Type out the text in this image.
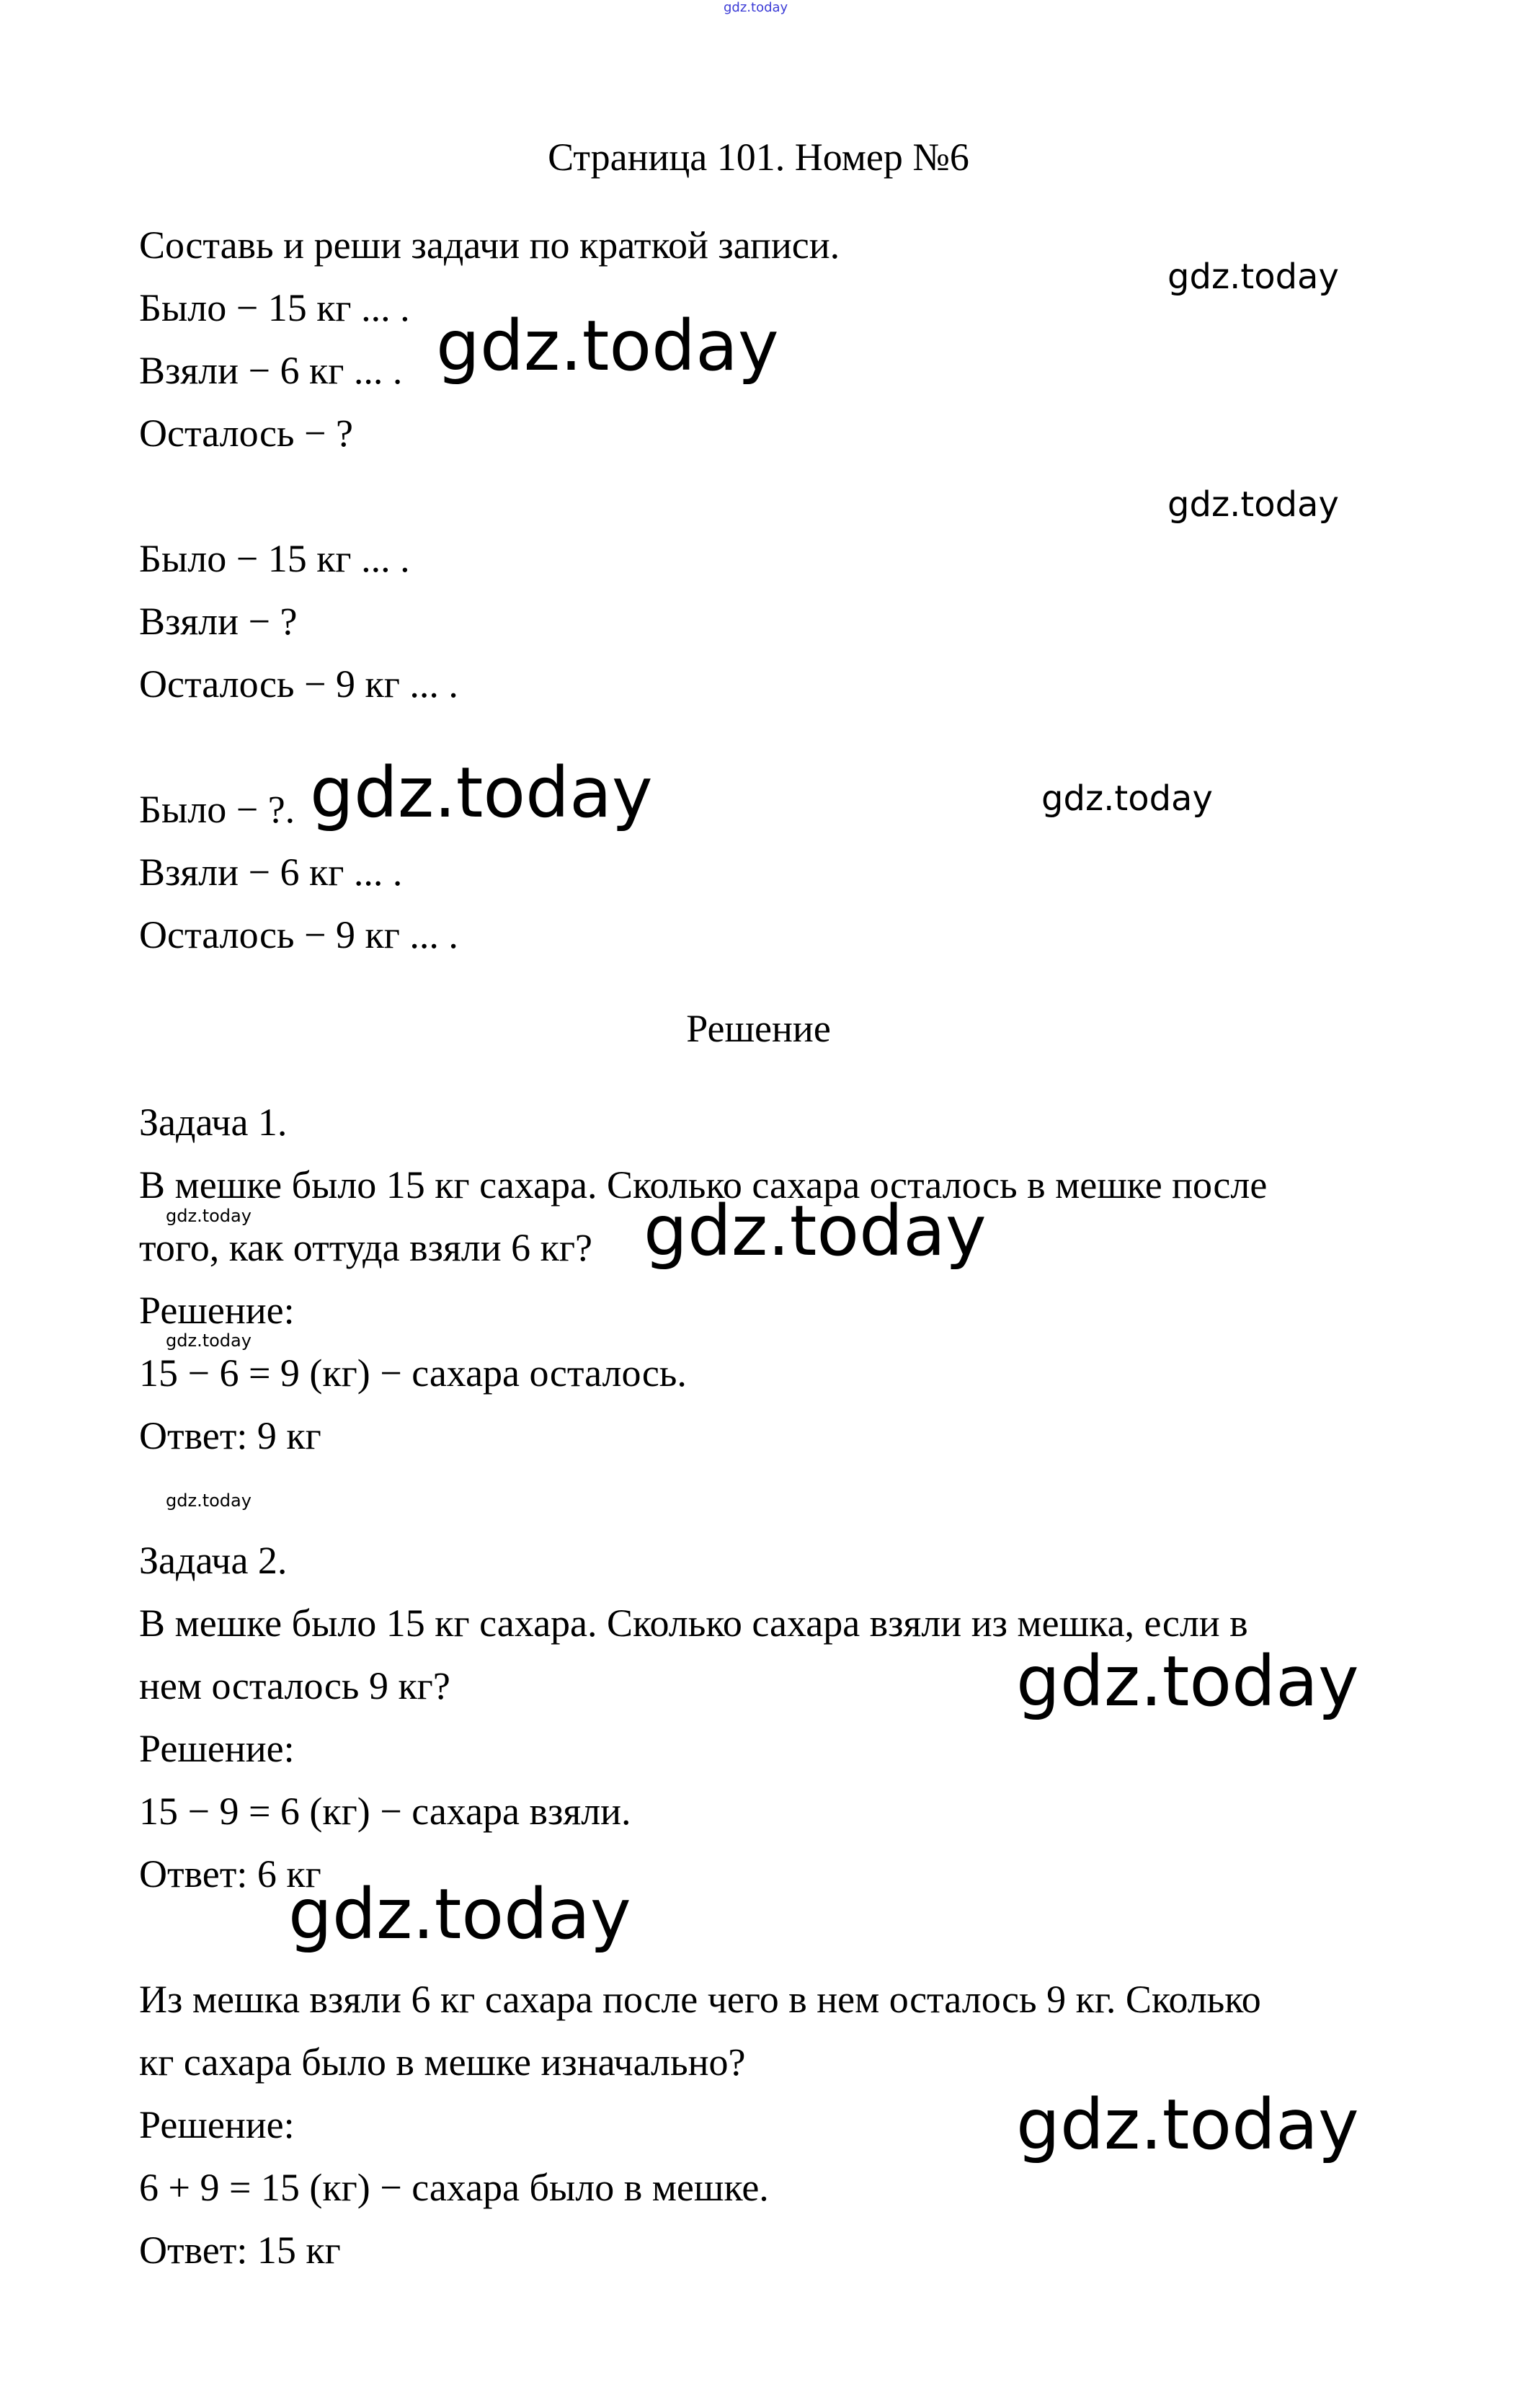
gdz.today
Страница 101. Номер №6
Составь и реши задачи по краткой записи.
gdz.today
Было − 15 кг ... .
Взяли − 6 кг ... . gdz.today
Осталось − ?
gdz.today
Было − 15 кг ... .
Взяли − ?
Осталось − 9 кг ... .
Было − ?. gdz.today	gdz.today
Взяли − 6 кг ... .
Осталось − 9 кг ... .
Решение
Задача 1.
В мешке было 15 кг сахара. Сколько сахара осталось в мешке после
gdz.today
того, как оттуда взяли 6 кг? gdz.today
Решение:
gdz.today
15 − 6 = 9 (кг) − сахара осталось.
Ответ: 9 кг
gdz.today
Задача 2.
В мешке было 15 кг сахара. Сколько сахара взяли из мешка, если в
нем осталось 9 кг?	gdz.today
Решение:
15 − 9 = 6 (кг) − сахара взяли.
Ответ: 6 кг
gdz.today
Из мешка взяли 6 кг сахара после чего в нем осталось 9 кг. Сколько
кг сахара было в мешке изначально?
Решение:	gdz.today
6 + 9 = 15 (кг) − сахара было в мешке.
Ответ: 15 кг
